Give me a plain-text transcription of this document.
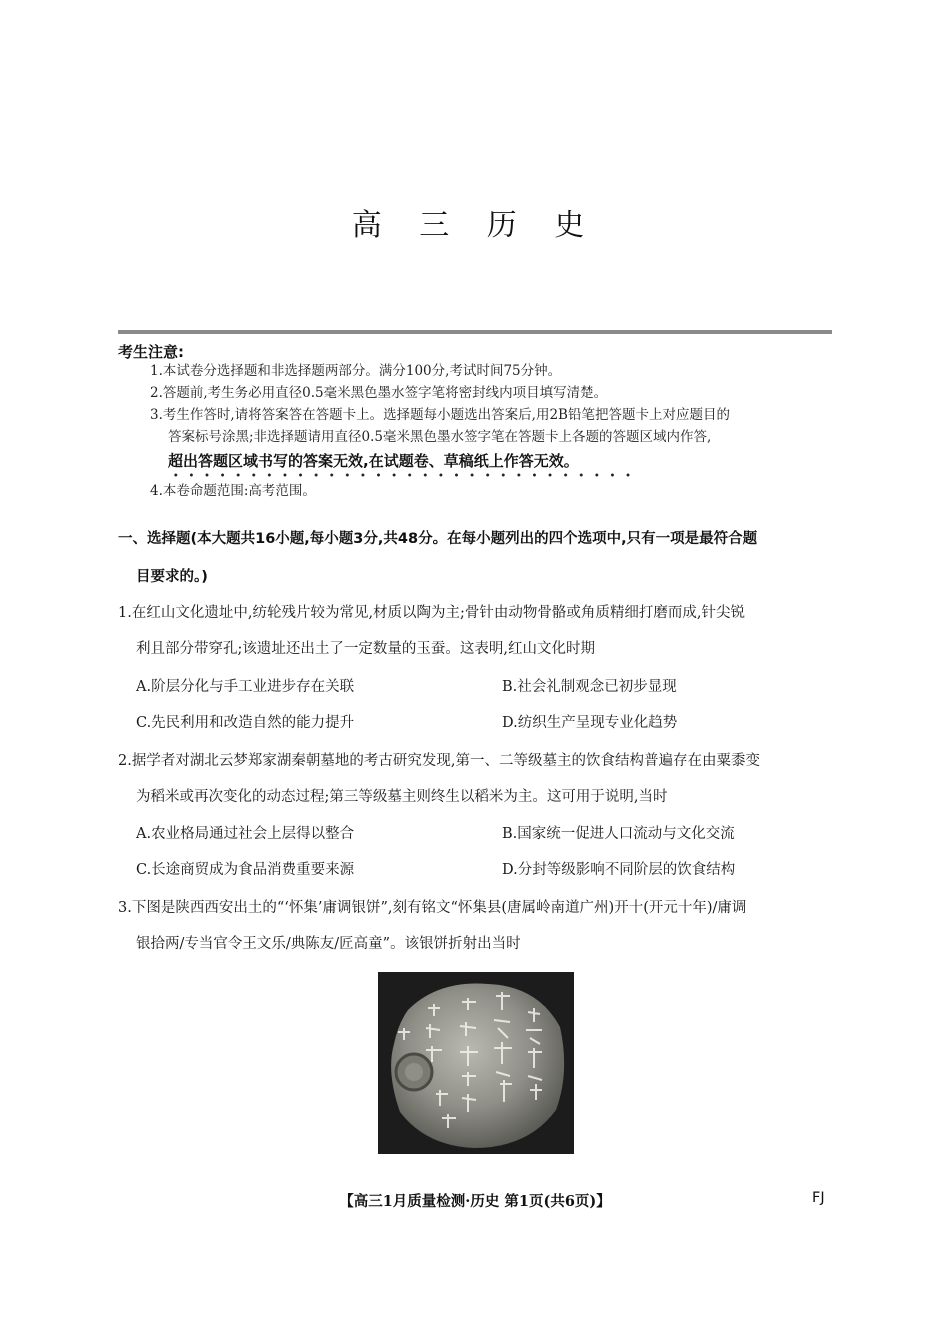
高 三 历 史
考生注意:
1.本试卷分选择题和非选择题两部分。满分100分,考试时间75分钟。
2.答题前,考生务必用直径0.5毫米黑色墨水签字笔将密封线内项目填写清楚。
3.考生作答时,请将答案答在答题卡上。选择题每小题选出答案后,用2B铅笔把答题卡上对应题目的
答案标号涂黑;非选择题请用直径0.5毫米黑色墨水签字笔在答题卡上各题的答题区域内作答,
超出答题区域书写的答案无效,在试题卷、草稿纸上作答无效。
4.本卷命题范围:高考范围。
一、选择题(本大题共16小题,每小题3分,共48分。在每小题列出的四个选项中,只有一项是最符合题
目要求的。)
1.在红山文化遗址中,纺轮残片较为常见,材质以陶为主;骨针由动物骨骼或角质精细打磨而成,针尖锐
利且部分带穿孔;该遗址还出土了一定数量的玉蚕。这表明,红山文化时期
A.阶层分化与手工业进步存在关联	B.社会礼制观念已初步显现
C.先民利用和改造自然的能力提升	D.纺织生产呈现专业化趋势
2.据学者对湖北云梦郑家湖秦朝墓地的考古研究发现,第一、二等级墓主的饮食结构普遍存在由粟黍变
为稻米或再次变化的动态过程;第三等级墓主则终生以稻米为主。这可用于说明,当时
A.农业格局通过社会上层得以整合	B.国家统一促进人口流动与文化交流
C.长途商贸成为食品消费重要来源	D.分封等级影响不同阶层的饮食结构
3.下图是陕西西安出土的“‘怀集’庸调银饼”,刻有铭文“怀集县(唐属岭南道广州)开十(开元十年)/庸调
银拾两/专当官令王文乐/典陈友/匠高童”。该银饼折射出当时
【高三1月质量检测·历史 第1页(共6页)】	FJ
